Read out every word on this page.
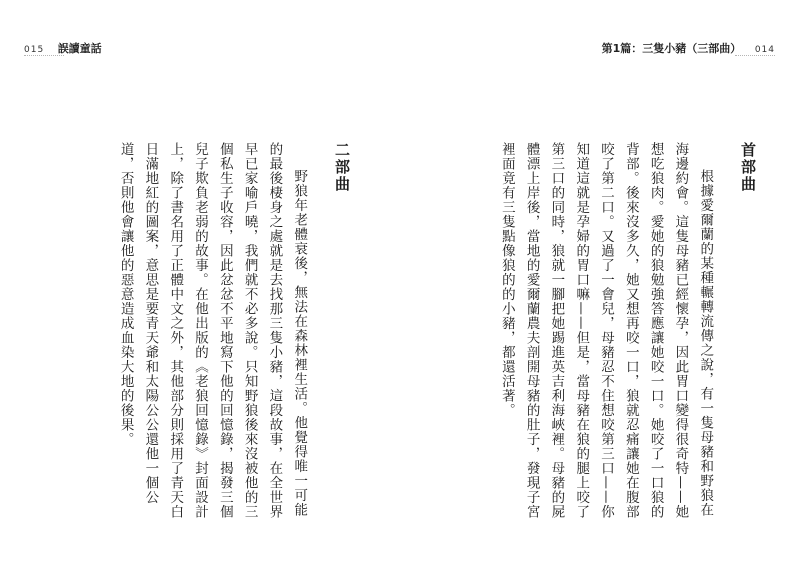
015 誤讀童話	第1篇：三隻小豬（三部曲） 014
首部曲

根據愛爾蘭的某種輾轉流傳之說，有一隻母豬和野狼在海邊約會。這隻母豬已經懷孕，因此胃口變得很奇特——她想吃狼肉。愛她的狼勉強答應讓她咬一口。她咬了一口狼的背部。後來沒多久，她又想再咬一口，狼就忍痛讓她在腹部咬了第二口。又過了一會兒，母豬忍不住想咬第三口——你知道這就是孕婦的胃口嘛——但是，當母豬在狼的腿上咬了第三口的同時，狼就一腳把她踢進英吉利海峽裡。母豬的屍體漂上岸後，當地的愛爾蘭農夫剖開母豬的肚子，發現子宮裡面竟有三隻點像狼的的小豬，都還活著。

二部曲

野狼年老體衰後，無法在森林裡生活。他覺得唯一可能的最後棲身之處就是去找那三隻小豬，這段故事，在全世界早已家喻戶曉，我們就不必多說。只知野狼後來沒被他的三個私生子收容，因此忿忿不平地寫下他的回憶錄，揭發三個兒子欺負老弱的故事。在他出版的《老狼回憶錄》封面設計上，除了書名用了正體中文之外，其他部分則採用了青天白日滿地紅的圖案，意思是要青天爺和太陽公公還他一個公道，否則他會讓他的惡意造成血染大地的後果。
